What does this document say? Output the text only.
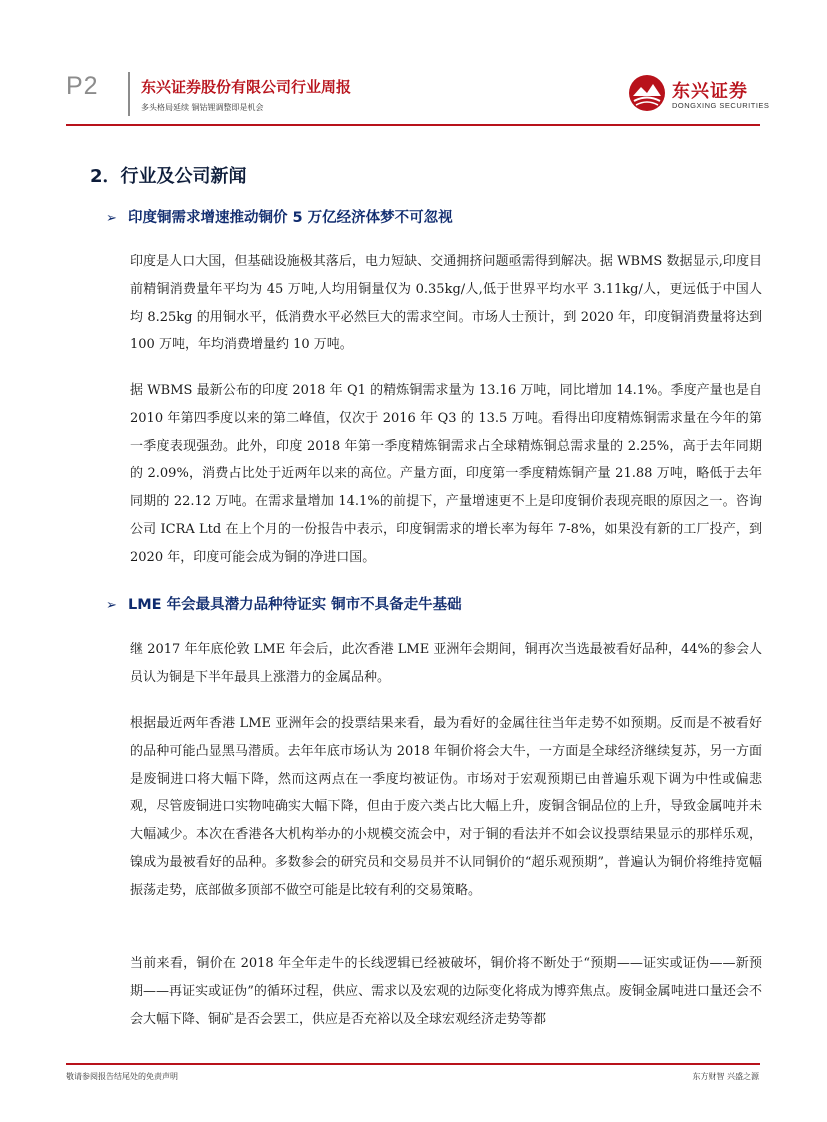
P2	东兴证券股份有限公司行业周报
多头格局延续 铜钴锂调整即是机会
东兴证券
DONGXING SECURITIES
2．行业及公司新闻
➢ 印度铜需求增速推动铜价 5 万亿经济体梦不可忽视
印度是人口大国，但基础设施极其落后，电力短缺、交通拥挤问题亟需得到解决。据 WBMS 数据显示,印度目前精铜消费量年平均为 45 万吨,人均用铜量仅为 0.35kg/人,低于世界平均水平 3.11kg/人，更远低于中国人均 8.25kg 的用铜水平，低消费水平必然巨大的需求空间。市场人士预计，到 2020 年，印度铜消费量将达到 100 万吨，年均消费增量约 10 万吨。
据 WBMS 最新公布的印度 2018 年 Q1 的精炼铜需求量为 13.16 万吨，同比增加 14.1%。季度产量也是自 2010 年第四季度以来的第二峰值，仅次于 2016 年 Q3 的 13.5 万吨。看得出印度精炼铜需求量在今年的第一季度表现强劲。此外，印度 2018 年第一季度精炼铜需求占全球精炼铜总需求量的 2.25%，高于去年同期的 2.09%，消费占比处于近两年以来的高位。产量方面，印度第一季度精炼铜产量 21.88 万吨，略低于去年同期的 22.12 万吨。在需求量增加 14.1%的前提下，产量增速更不上是印度铜价表现亮眼的原因之一。咨询公司 ICRA Ltd 在上个月的一份报告中表示，印度铜需求的增长率为每年 7-8%，如果没有新的工厂投产，到 2020 年，印度可能会成为铜的净进口国。
➢ LME 年会最具潜力品种待证实 铜市不具备走牛基础
继 2017 年年底伦敦 LME 年会后，此次香港 LME 亚洲年会期间，铜再次当选最被看好品种，44%的参会人员认为铜是下半年最具上涨潜力的金属品种。
根据最近两年香港 LME 亚洲年会的投票结果来看，最为看好的金属往往当年走势不如预期。反而是不被看好的品种可能凸显黑马潜质。去年年底市场认为 2018 年铜价将会大牛，一方面是全球经济继续复苏，另一方面是废铜进口将大幅下降，然而这两点在一季度均被证伪。市场对于宏观预期已由普遍乐观下调为中性或偏悲观，尽管废铜进口实物吨确实大幅下降，但由于废六类占比大幅上升，废铜含铜品位的上升，导致金属吨并未大幅减少。本次在香港各大机构举办的小规模交流会中，对于铜的看法并不如会议投票结果显示的那样乐观，镍成为最被看好的品种。多数参会的研究员和交易员并不认同铜价的“超乐观预期”，普遍认为铜价将维持宽幅振荡走势，底部做多顶部不做空可能是比较有利的交易策略。
当前来看，铜价在 2018 年全年走牛的长线逻辑已经被破坏，铜价将不断处于“预期——证实或证伪——新预期——再证实或证伪”的循环过程，供应、需求以及宏观的边际变化将成为博弈焦点。废铜金属吨进口量还会不会大幅下降、铜矿是否会罢工，供应是否充裕以及全球宏观经济走势等都
敬请参阅报告结尾处的免责声明	东方财智 兴盛之源
